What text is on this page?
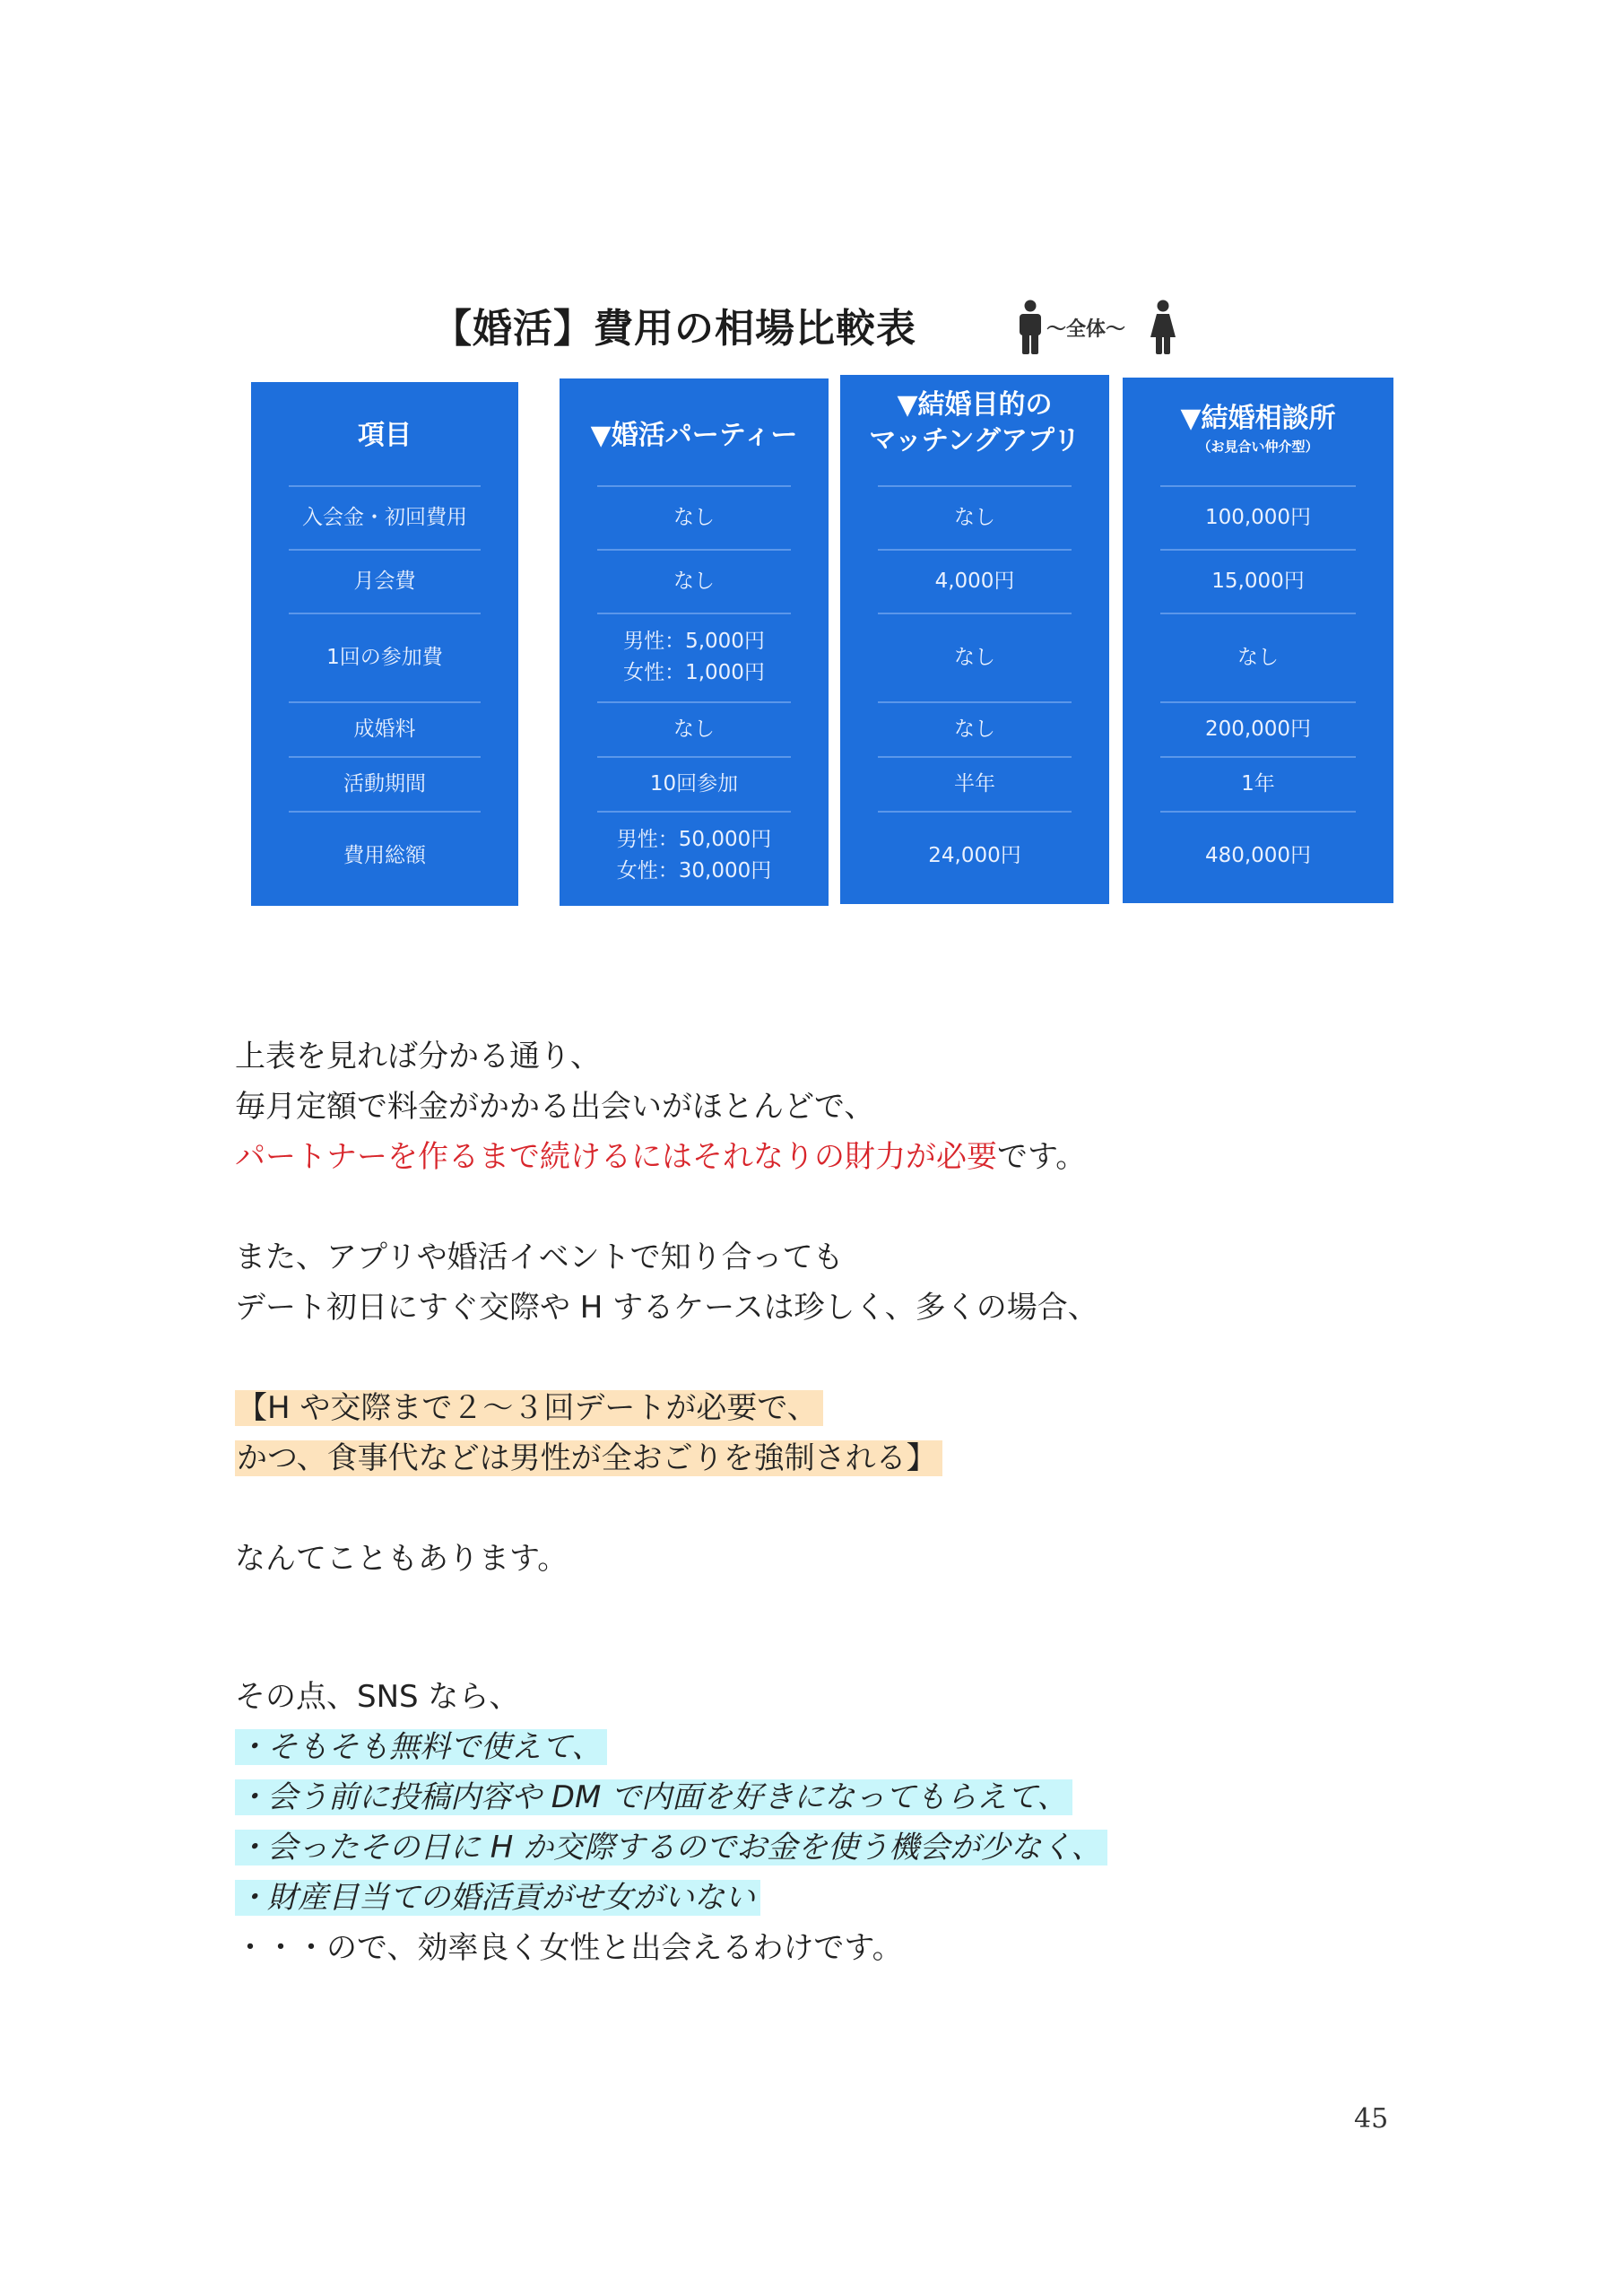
【婚活】費用の相場比較表	〜全体〜
項目
入会金・初回費用
月会費
1回の参加費
成婚料
活動期間
費用総額
▼婚活パーティー
なし
なし
男性：5,000円
女性：1,000円
なし
10回参加
男性：50,000円
女性：30,000円
▼結婚目的の
マッチングアプリ
なし
4,000円
なし
なし
半年
24,000円
▼結婚相談所
（お見合い仲介型）
100,000円
15,000円
なし
200,000円
1年
480,000円

上表を見れば分かる通り、

毎月定額で料金がかかる出会いがほとんどで、

パートナーを作るまで続けるにはそれなりの財力が必要です。

また、アプリや婚活イベントで知り合っても

デート初日にすぐ交際や H するケースは珍しく、多くの場合、

【H や交際まで２～３回デートが必要で、

かつ、食事代などは男性が全おごりを強制される】

なんてこともあります。

その点、SNS なら、

・そもそも無料で使えて、

・会う前に投稿内容や DM で内面を好きになってもらえて、

・会ったその日に H か交際するのでお金を使う機会が少なく、

・財産目当ての婚活貢がせ女がいない

・・・ので、効率良く女性と出会えるわけです。

45
